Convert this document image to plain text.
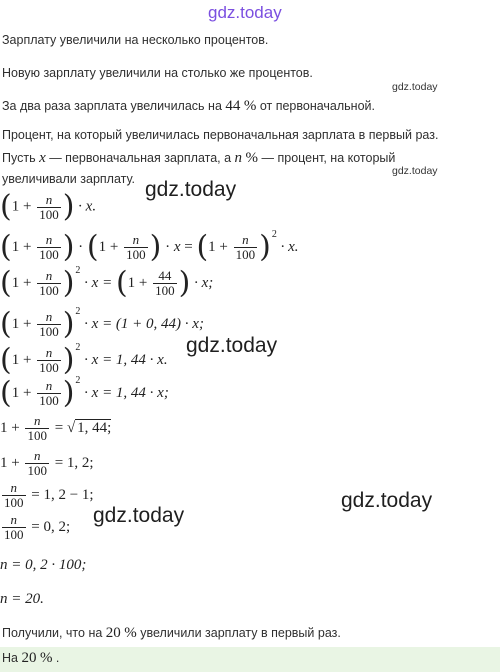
gdz.today
gdz.today
gdz.today
gdz.today
gdz.today
gdz.today
gdz.today
Зарплату увеличили на несколько процентов.
Новую зарплату увеличили на столько же процентов.
За два раза зарплата увеличилась на 44 % от первоначальной.
Процент, на который увеличилась первоначальная зарплата в первый раз.
Пусть x — первоначальная зарплата, а n % — процент, на который
увеличивали зарплату.
($1 + \frac{n}{100}$ ) · x.
($1 + \frac{n}{100}$ ) · ($1 + \frac{n}{100}$ ) · $x = (1 + \frac{n}{100} )^2 \cdot x$.
$(1 + \frac{n}{100} )^2 \cdot x = (1 + \frac{44}{100}$ ) · x;
$(1 + \frac{n}{100} )^2 \cdot x = (1 + 0$, 44) · x;
$(1 + \frac{n}{100} )^2 \cdot x = 1$, 44 · x.
$(1 + \frac{n}{100} )^2 \cdot x = 1$, 44 · x;
$1 + \frac{n}{100}$ = √ 1, 44;
$1 + \frac{n}{100} = 1$, 2;
$\frac{n}{100} = 1$, 2 − 1;
$\frac{n}{100} = 0$, 2;
n = 0, 2 · 100;
n = 20.
Получили, что на 20 % увеличили зарплату в первый раз.
На 20 % .
